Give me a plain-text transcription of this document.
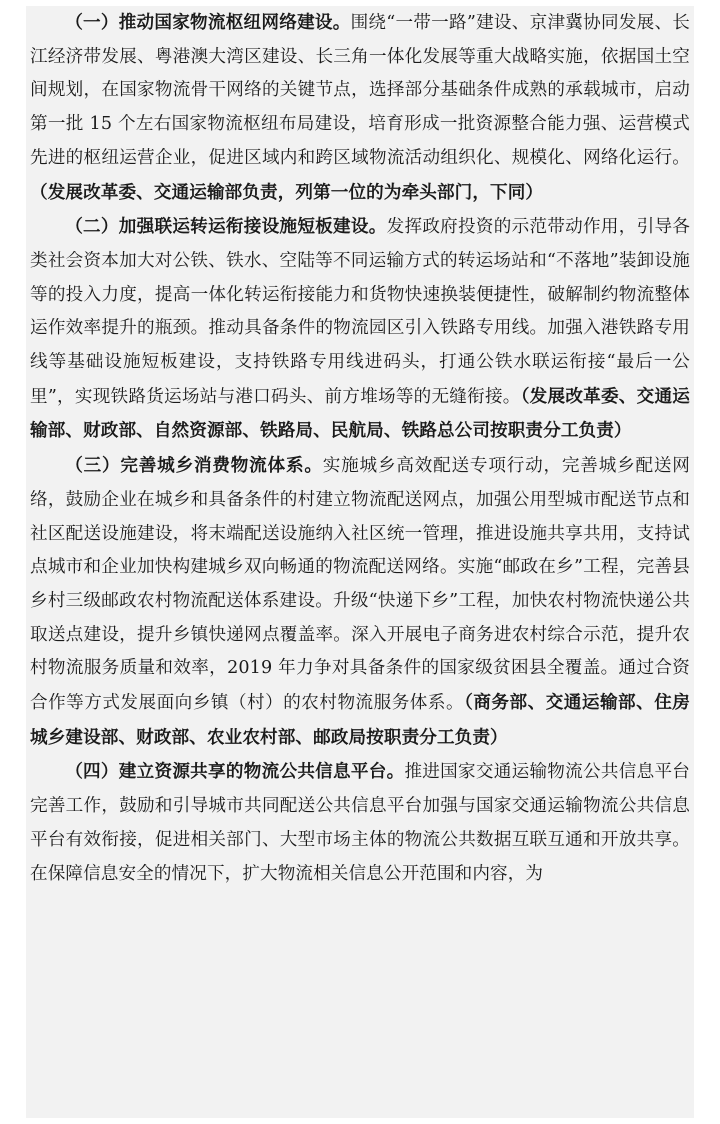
（一）推动国家物流枢纽网络建设。围绕“一带一路”建设、京津冀协同发展、长江经济带发展、粤港澳大湾区建设、长三角一体化发展等重大战略实施，依据国土空间规划，在国家物流骨干网络的关键节点，选择部分基础条件成熟的承载城市，启动第一批 15 个左右国家物流枢纽布局建设，培育形成一批资源整合能力强、运营模式先进的枢纽运营企业，促进区域内和跨区域物流活动组织化、规模化、网络化运行。（发展改革委、交通运输部负责，列第一位的为牵头部门，下同）

（二）加强联运转运衔接设施短板建设。发挥政府投资的示范带动作用，引导各类社会资本加大对公铁、铁水、空陆等不同运输方式的转运场站和“不落地”装卸设施等的投入力度，提高一体化转运衔接能力和货物快速换装便捷性，破解制约物流整体运作效率提升的瓶颈。推动具备条件的物流园区引入铁路专用线。加强入港铁路专用线等基础设施短板建设，支持铁路专用线进码头，打通公铁水联运衔接“最后一公里”，实现铁路货运场站与港口码头、前方堆场等的无缝衔接。（发展改革委、交通运输部、财政部、自然资源部、铁路局、民航局、铁路总公司按职责分工负责）

（三）完善城乡消费物流体系。实施城乡高效配送专项行动，完善城乡配送网络，鼓励企业在城乡和具备条件的村建立物流配送网点，加强公用型城市配送节点和社区配送设施建设，将末端配送设施纳入社区统一管理，推进设施共享共用，支持试点城市和企业加快构建城乡双向畅通的物流配送网络。实施“邮政在乡”工程，完善县乡村三级邮政农村物流配送体系建设。升级“快递下乡”工程，加快农村物流快递公共取送点建设，提升乡镇快递网点覆盖率。深入开展电子商务进农村综合示范，提升农村物流服务质量和效率，2019 年力争对具备条件的国家级贫困县全覆盖。通过合资合作等方式发展面向乡镇（村）的农村物流服务体系。（商务部、交通运输部、住房城乡建设部、财政部、农业农村部、邮政局按职责分工负责）

（四）建立资源共享的物流公共信息平台。推进国家交通运输物流公共信息平台完善工作，鼓励和引导城市共同配送公共信息平台加强与国家交通运输物流公共信息平台有效衔接，促进相关部门、大型市场主体的物流公共数据互联互通和开放共享。在保障信息安全的情况下，扩大物流相关信息公开范围和内容，为
